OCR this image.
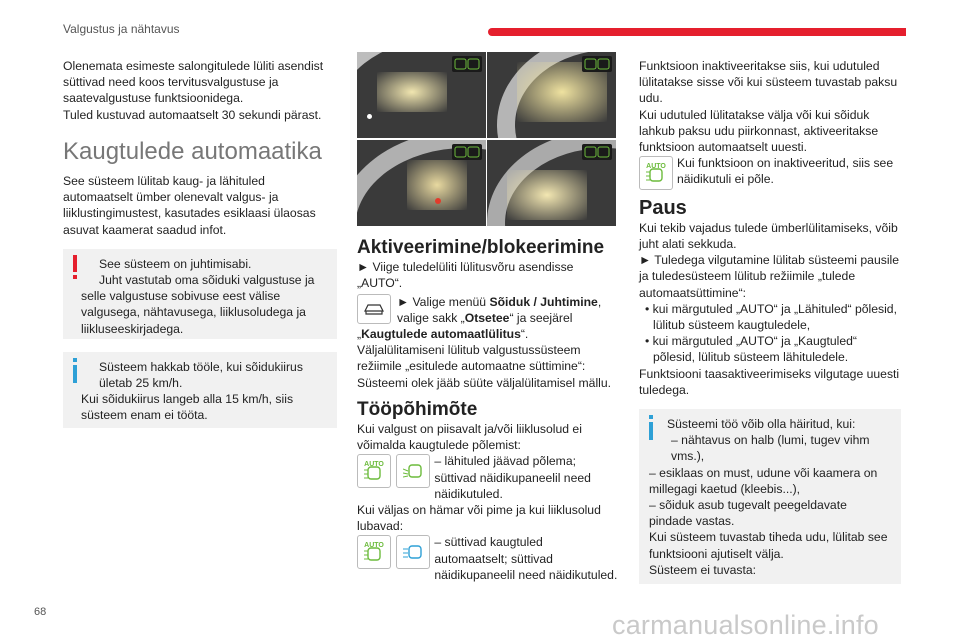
Valgustus ja nähtavus

Olenemata esimeste salongitulede lüliti asendist süttivad need koos tervitusvalgustuse ja saatevalgustuse funktsioonidega.

Tuled kustuvad automaatselt 30 sekundi pärast.

Kaugtulede automaatika

See süsteem lülitab kaug- ja lähituled automaatselt ümber olenevalt valgus- ja liiklustingimustest, kasutades esiklaasi ülaosas asuvat kaamerat saadud infot.

See süsteem on juhtimisabi.
Juht vastutab oma sõiduki valgustuse ja selle valgustuse sobivuse eest välise valgusega, nähtavusega, liiklusoludega ja liikluseeskirjadega.
Süsteem hakkab tööle, kui sõidukiirus ületab 25 km/h.
Kui sõidukiirus langeb alla 15 km/h, siis süsteem enam ei tööta.
Aktiveerimine/blokeerimine

► Viige tuledelüliti lülitusvõru asendisse „AUTO“.

► Valige menüü Sõiduk / Juhtimine, valige sakk „Otsetee“ ja seejärel „Kaugtulede automaatlülitus“.

Väljalülitamiseni lülitub valgustussüsteem režiimile „esitulede automaatne süttimine“: Süsteemi olek jääb süüte väljalülitamisel mällu.

Tööpõhimõte

Kui valgust on piisavalt ja/või liiklusolud ei võimalda kaugtulede põlemist:

AUTO
	– lähituled jäävad põlema; süttivad näidikupaneelil need näidikutuled.

Kui väljas on hämar või pime ja kui liiklusolud lubavad:

AUTO
	– süttivad kaugtuled automaatselt; süttivad näidikupaneelil need näidikutuled.

Funktsioon inaktiveeritakse siis, kui udutuled lülitatakse sisse või kui süsteem tuvastab paksu udu.

Kui udutuled lülitatakse välja või kui sõiduk lahkub paksu udu piirkonnast, aktiveeritakse funktsioon automaatselt uuesti.

AUTO Kui funktsioon on inaktiveeritud, siis see näidikutuli ei põle.

Paus

Kui tekib vajadus tulede ümberlülitamiseks, võib juht alati sekkuda.

► Tuledega vilgutamine lülitab süsteemi pausile ja tuledesüsteem lülitub režiimile „tulede automaatsüttimine“:

• kui märgutuled „AUTO“ ja „Lähituled“ põlesid, lülitub süsteem kaugtuledele,

• kui märgutuled „AUTO“ ja „Kaugtuled“ põlesid, lülitub süsteem lähituledele.

Funktsiooni taasaktiveerimiseks vilgutage uuesti tuledega.

Süsteemi töö võib olla häiritud, kui:
– nähtavus on halb (lumi, tugev vihm vms.),
– esiklaas on must, udune või kaamera on millegagi kaetud (kleebis...),
– sõiduk asub tugevalt peegeldavate pindade vastas.
Kui süsteem tuvastab tiheda udu, lülitab see funktsiooni ajutiselt välja.
Süsteem ei tuvasta:
68	carmanualsonline.info
